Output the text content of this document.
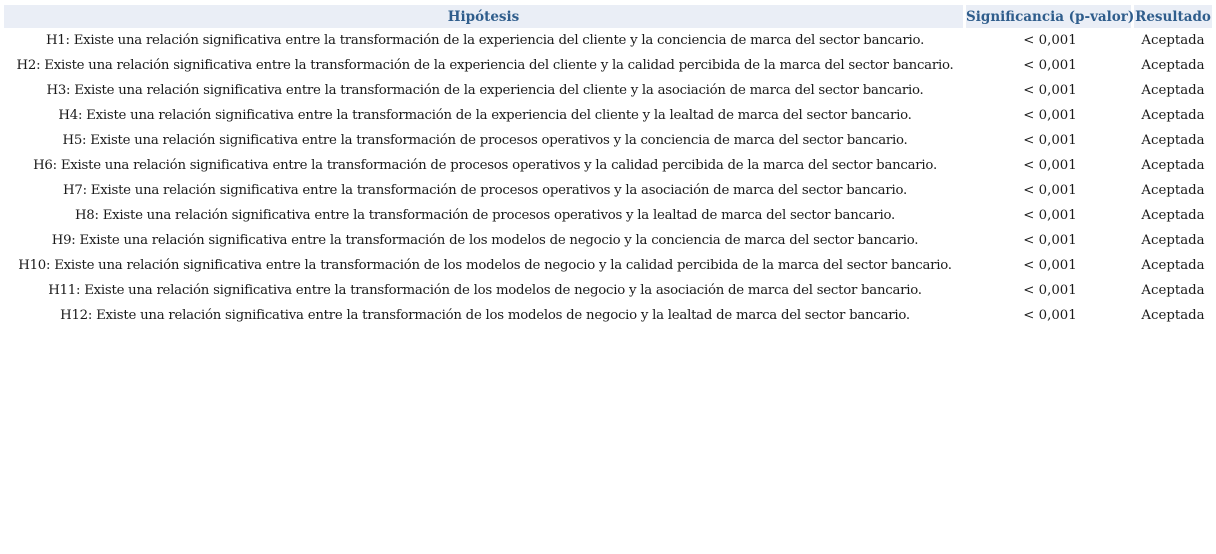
Hipótesis	Significancia (p-valor)	Resultado
H1: Existe una relación significativa entre la transformación de la experiencia del cliente y la conciencia de marca del sector bancario.	< 0,001	Aceptada
H2: Existe una relación significativa entre la transformación de la experiencia del cliente y la calidad percibida de la marca del sector bancario.	< 0,001	Aceptada
H3: Existe una relación significativa entre la transformación de la experiencia del cliente y la asociación de marca del sector bancario.	< 0,001	Aceptada
H4: Existe una relación significativa entre la transformación de la experiencia del cliente y la lealtad de marca del sector bancario.	< 0,001	Aceptada
H5: Existe una relación significativa entre la transformación de procesos operativos y la conciencia de marca del sector bancario.	< 0,001	Aceptada
H6: Existe una relación significativa entre la transformación de procesos operativos y la calidad percibida de la marca del sector bancario.	< 0,001	Aceptada
H7: Existe una relación significativa entre la transformación de procesos operativos y la asociación de marca del sector bancario.	< 0,001	Aceptada
H8: Existe una relación significativa entre la transformación de procesos operativos y la lealtad de marca del sector bancario.	< 0,001	Aceptada
H9: Existe una relación significativa entre la transformación de los modelos de negocio y la conciencia de marca del sector bancario.	< 0,001	Aceptada
H10: Existe una relación significativa entre la transformación de los modelos de negocio y la calidad percibida de la marca del sector bancario.	< 0,001	Aceptada
H11: Existe una relación significativa entre la transformación de los modelos de negocio y la asociación de marca del sector bancario.	< 0,001	Aceptada
H12: Existe una relación significativa entre la transformación de los modelos de negocio y la lealtad de marca del sector bancario.	< 0,001	Aceptada
